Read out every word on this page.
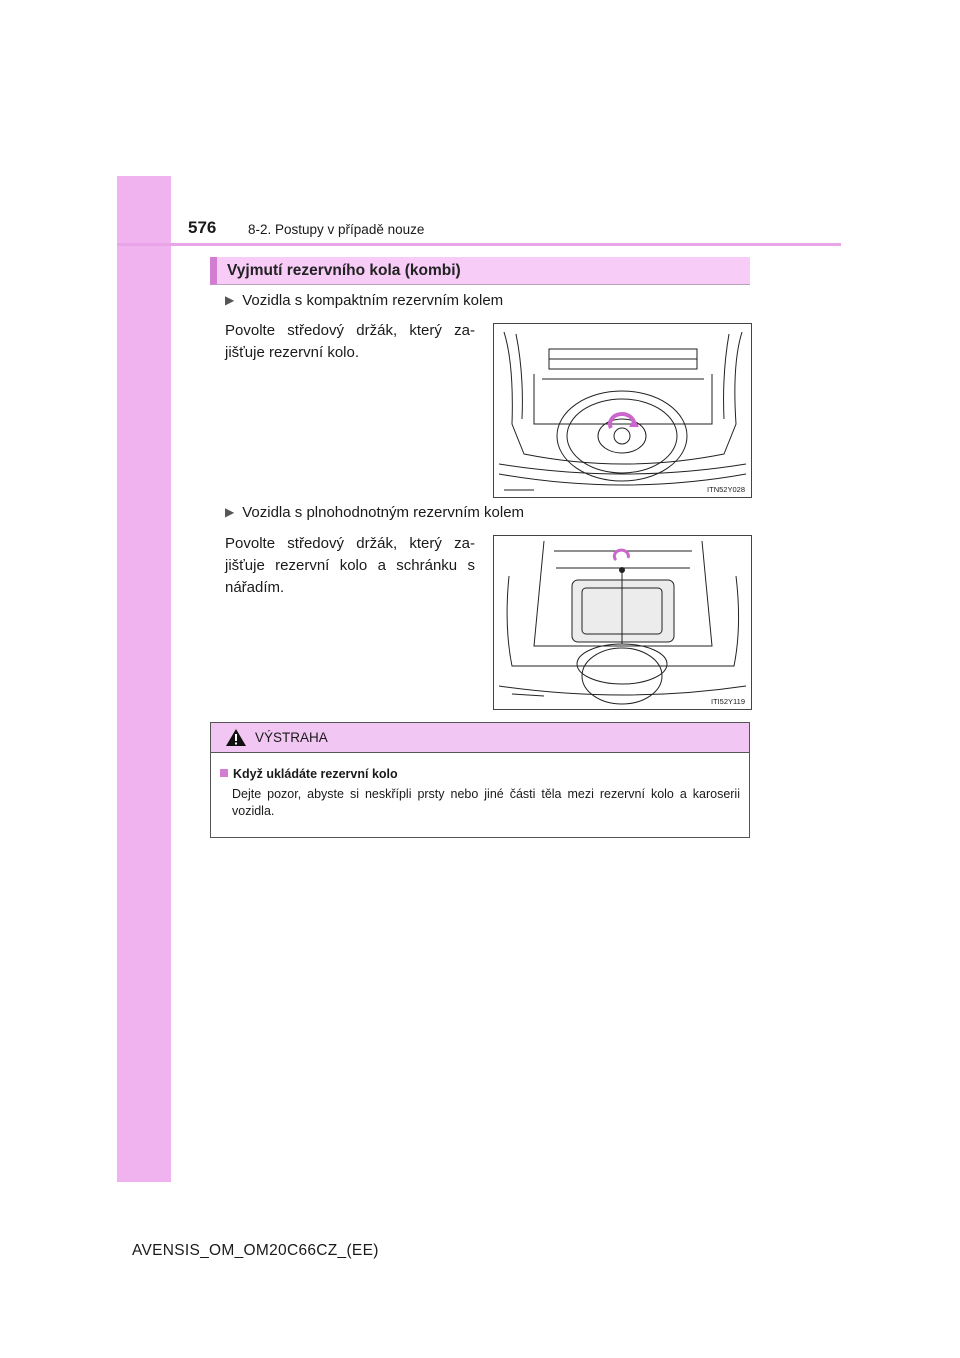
576 8-2. Postupy v případě nouze
Vyjmutí rezervního kola (kombi)
▶ Vozidla s kompaktním rezervním kolem
Povolte středový držák, který za-jišťuje rezervní kolo.
ITN52Y028
▶ Vozidla s plnohodnotným rezervním kolem
Povolte středový držák, který za-jišťuje rezervní kolo a schránku s nářadím.
ITI52Y119
VÝSTRAHA
Když ukládáte rezervní kolo
Dejte pozor, abyste si neskřípli prsty nebo jiné části těla mezi rezervní kolo a karoserii vozidla.
AVENSIS_OM_OM20C66CZ_(EE)
